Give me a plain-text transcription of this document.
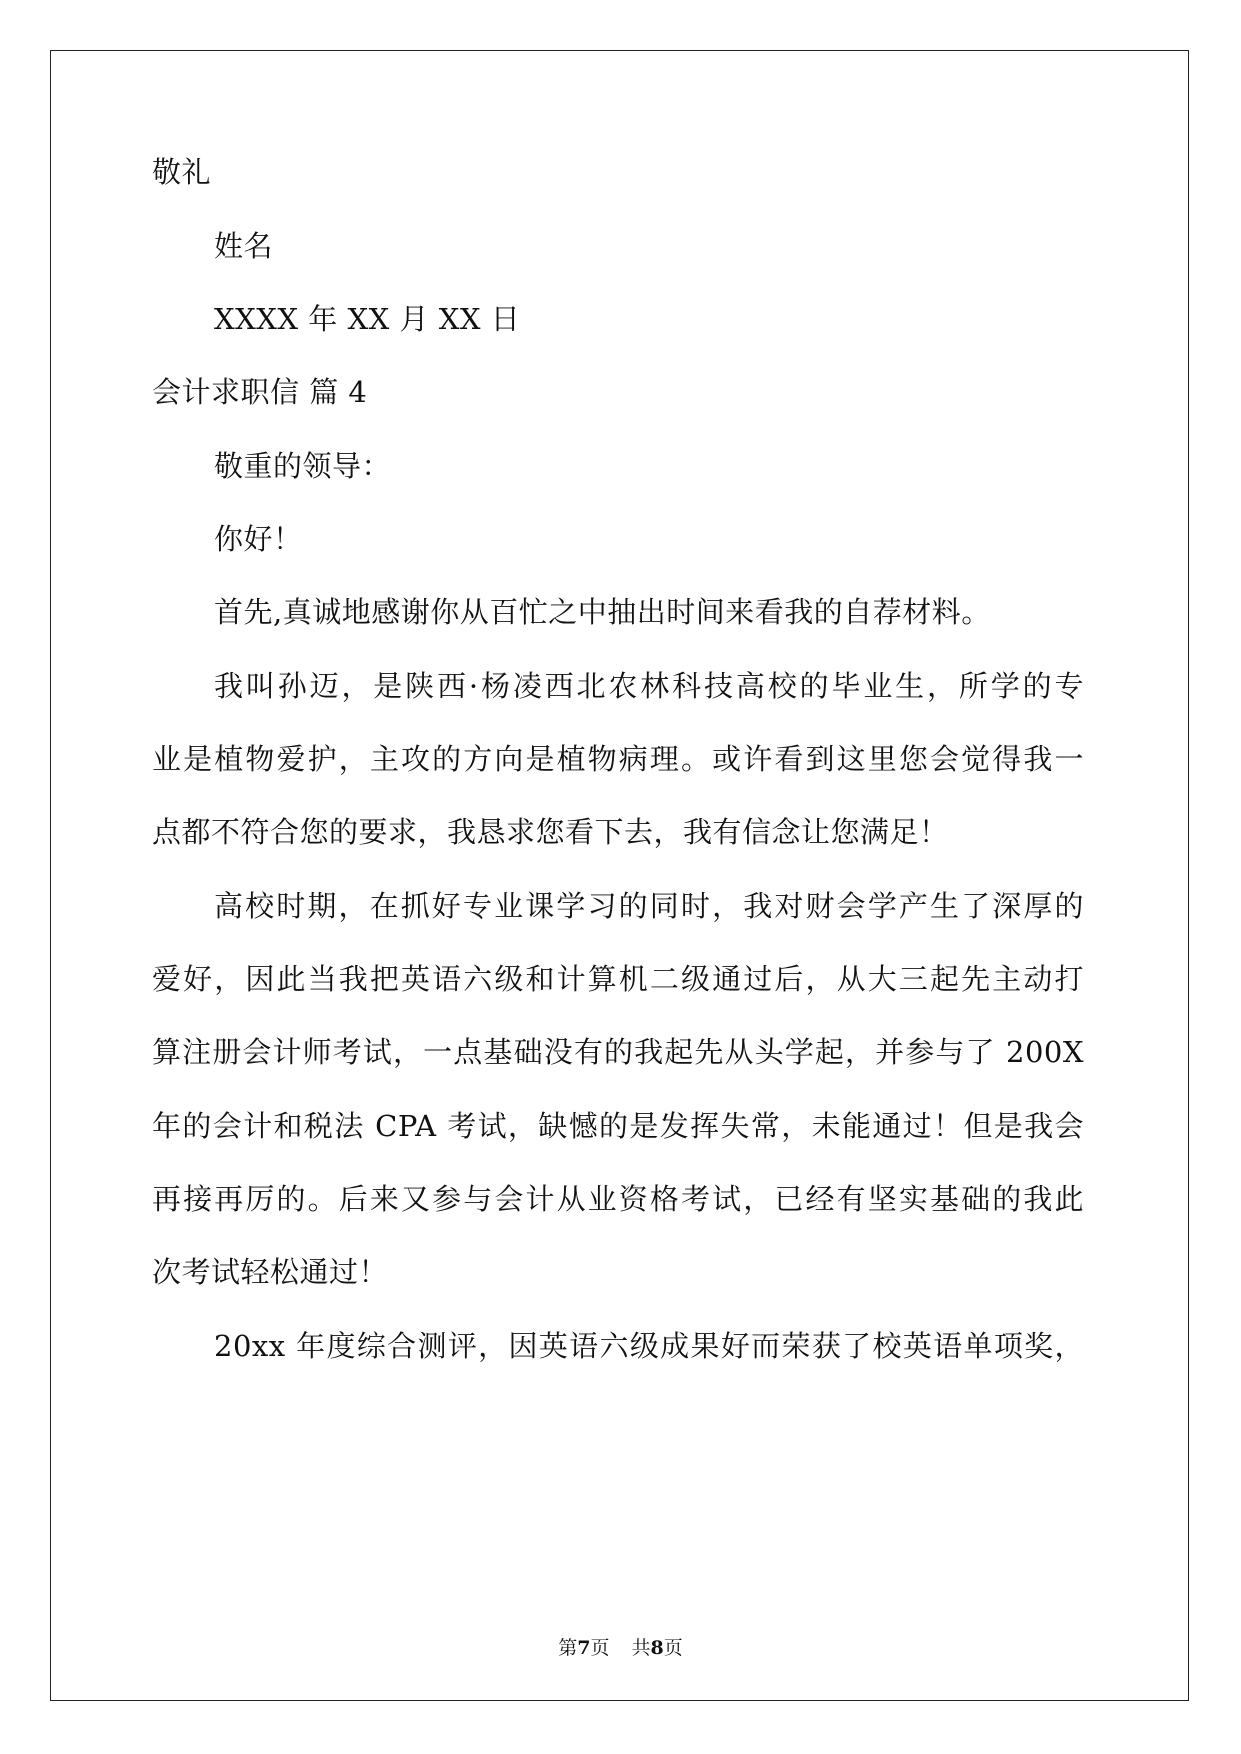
敬礼
姓名
XXXX 年 XX 月 XX 日
会计求职信 篇 4
敬重的领导：
你好！
首先,真诚地感谢你从百忙之中抽出时间来看我的自荐材料。
我叫孙迈，是陕西·杨凌西北农林科技高校的毕业生，所学的专
业是植物爱护，主攻的方向是植物病理。或许看到这里您会觉得我一
点都不符合您的要求，我恳求您看下去，我有信念让您满足！
高校时期，在抓好专业课学习的同时，我对财会学产生了深厚的
爱好，因此当我把英语六级和计算机二级通过后，从大三起先主动打
算注册会计师考试，一点基础没有的我起先从头学起，并参与了 200X
年的会计和税法 CPA 考试，缺憾的是发挥失常，未能通过！但是我会
再接再厉的。后来又参与会计从业资格考试，已经有坚实基础的我此
次考试轻松通过！
20xx 年度综合测评，因英语六级成果好而荣获了校英语单项奖，
第7页 共8页
